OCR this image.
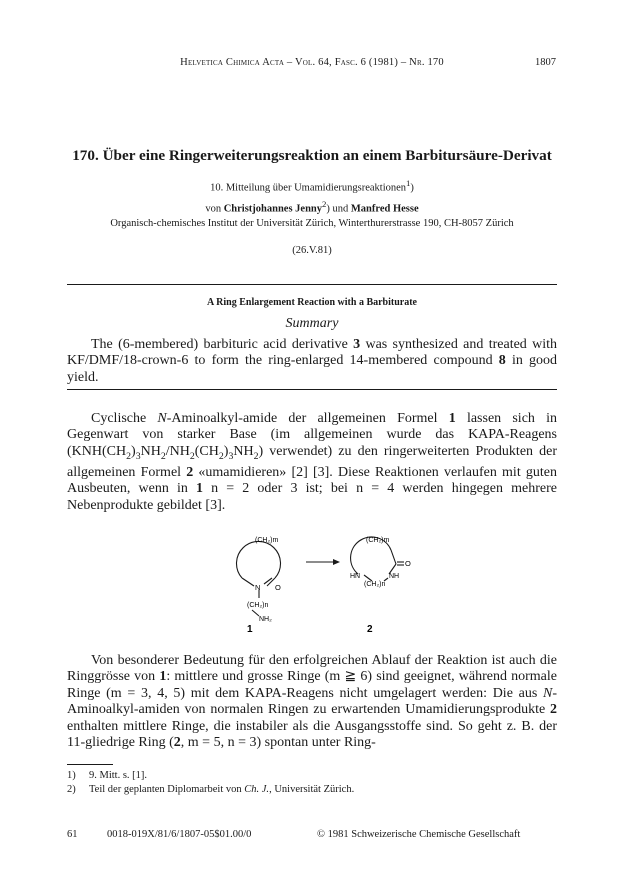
Helvetica Chimica Acta – Vol. 64, Fasc. 6 (1981) – Nr. 170	1807
170. Über eine Ringerweiterungsreaktion an einem Barbitursäure-Derivat
10. Mitteilung über Umamidierungsreaktionen$^1$)
von Christjohannes Jenny$^2$) und Manfred Hesse
Organisch-chemisches Institut der Universität Zürich, Winterthurerstrasse 190, CH-8057 Zürich
(26.V.81)
A Ring Enlargement Reaction with a Barbiturate
Summary

The (6-membered) barbituric acid derivative 3 was synthesized and treated with KF/DMF/18-crown-6 to form the ring-enlarged 14-membered compound 8 in good yield.

Cyclische N-Aminoalkyl-amide der allgemeinen Formel 1 lassen sich in Gegenwart von starker Base (im allgemeinen wurde das KAPA-Reagens $(KNH(CH_2)_3NH_2/NH_2(CH_2)_3NH_2)$ verwendet) zu den ringerweiterten Produkten der allgemeinen Formel 2 «umamidieren» [2] [3]. Diese Reaktionen verlaufen mit guten Ausbeuten, wenn in 1 n = 2 oder 3 ist; bei n = 4 werden hingegen mehrere Nebenprodukte gebildet [3].

(CH₂)m
N O
(CH₂)n
NH₂
1
(CH₂)m
O
HN	NH
(CH₂)n
2

Von besonderer Bedeutung für den erfolgreichen Ablauf der Reaktion ist auch die Ringgrösse von 1: mittlere und grosse Ringe (m ≧ 6) sind geeignet, während normale Ringe (m = 3, 4, 5) mit dem KAPA-Reagens nicht umgelagert werden: Die aus N-Aminoalkyl-amiden von normalen Ringen zu erwartenden Umamidierungsprodukte 2 enthalten mittlere Ringe, die instabiler als die Ausgangsstoffe sind. So geht z. B. der 11-gliedrige Ring (2, m = 5, n = 3) spontan unter Ring-

1) 9. Mitt. s. [1].
2) Teil der geplanten Diplomarbeit von Ch. J., Universität Zürich.
61	0018-019X/81/6/1807-05$01.00/0	© 1981 Schweizerische Chemische Gesellschaft
